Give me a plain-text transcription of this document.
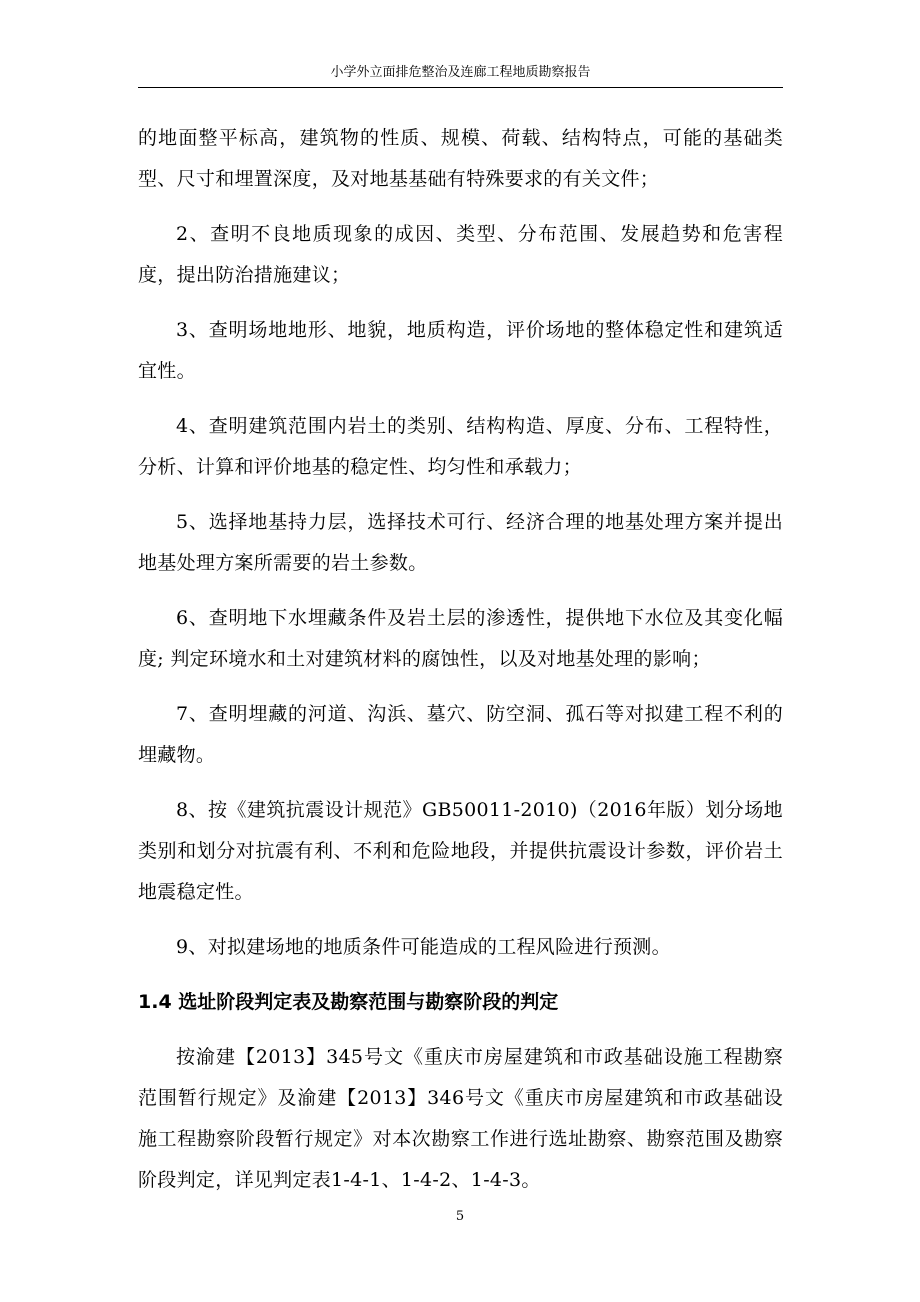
小学外立面排危整治及连廊工程地质勘察报告

的地面整平标高，建筑物的性质、规模、荷载、结构特点，可能的基础类型、尺寸和埋置深度，及对地基基础有特殊要求的有关文件；

2、查明不良地质现象的成因、类型、分布范围、发展趋势和危害程度，提出防治措施建议；

3、查明场地地形、地貌，地质构造，评价场地的整体稳定性和建筑适宜性。

4、查明建筑范围内岩土的类别、结构构造、厚度、分布、工程特性，分析、计算和评价地基的稳定性、均匀性和承载力；

5、选择地基持力层，选择技术可行、经济合理的地基处理方案并提出地基处理方案所需要的岩土参数。

6、查明地下水埋藏条件及岩土层的渗透性，提供地下水位及其变化幅度; 判定环境水和土对建筑材料的腐蚀性，以及对地基处理的影响；

7、查明埋藏的河道、沟浜、墓穴、防空洞、孤石等对拟建工程不利的埋藏物。

8、按《建筑抗震设计规范》GB50011-2010)（2016年版）划分场地类别和划分对抗震有利、不利和危险地段，并提供抗震设计参数，评价岩土地震稳定性。

9、对拟建场地的地质条件可能造成的工程风险进行预测。

1.4 选址阶段判定表及勘察范围与勘察阶段的判定

按渝建【2013】345号文《重庆市房屋建筑和市政基础设施工程勘察范围暂行规定》及渝建【2013】346号文《重庆市房屋建筑和市政基础设施工程勘察阶段暂行规定》对本次勘察工作进行选址勘察、勘察范围及勘察阶段判定，详见判定表1-4-1、1-4-2、1-4-3。

5
